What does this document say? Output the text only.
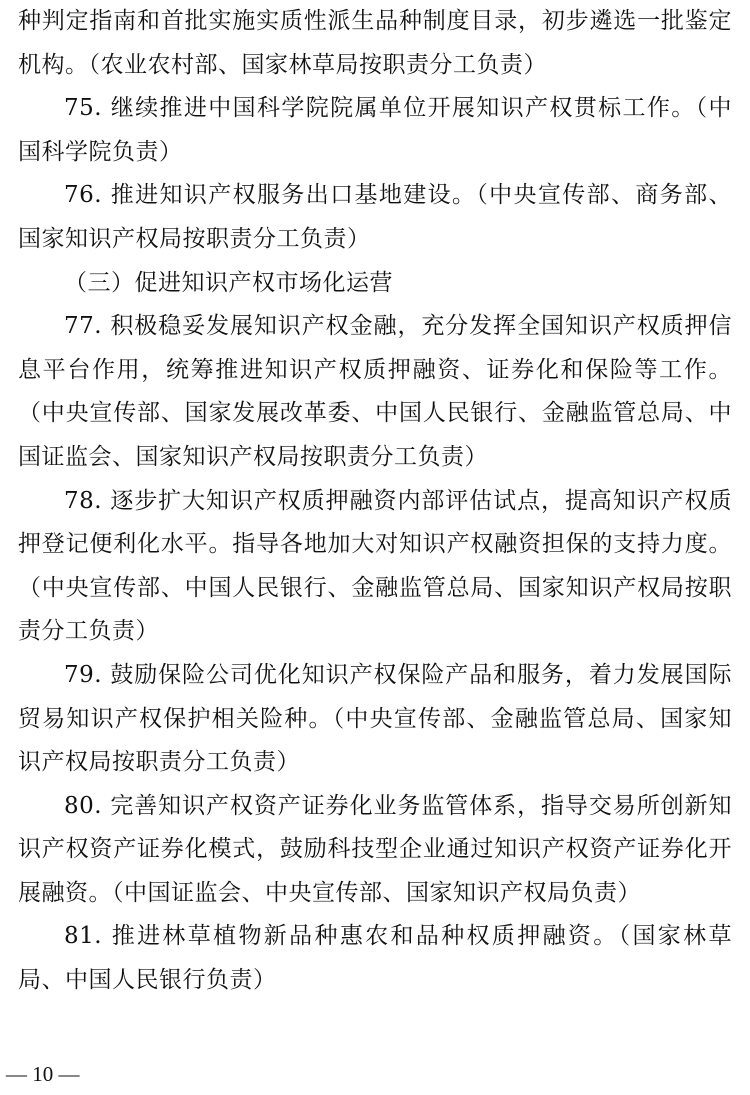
种判定指南和首批实施实质性派生品种制度目录，初步遴选一批鉴定机构。（农业农村部、国家林草局按职责分工负责）

75. 继续推进中国科学院院属单位开展知识产权贯标工作。（中国科学院负责）

76. 推进知识产权服务出口基地建设。（中央宣传部、商务部、国家知识产权局按职责分工负责）

（三）促进知识产权市场化运营

77. 积极稳妥发展知识产权金融，充分发挥全国知识产权质押信息平台作用，统筹推进知识产权质押融资、证券化和保险等工作。（中央宣传部、国家发展改革委、中国人民银行、金融监管总局、中国证监会、国家知识产权局按职责分工负责）

78. 逐步扩大知识产权质押融资内部评估试点，提高知识产权质押登记便利化水平。指导各地加大对知识产权融资担保的支持力度。（中央宣传部、中国人民银行、金融监管总局、国家知识产权局按职责分工负责）

79. 鼓励保险公司优化知识产权保险产品和服务，着力发展国际贸易知识产权保护相关险种。（中央宣传部、金融监管总局、国家知识产权局按职责分工负责）

80. 完善知识产权资产证券化业务监管体系，指导交易所创新知识产权资产证券化模式，鼓励科技型企业通过知识产权资产证券化开展融资。（中国证监会、中央宣传部、国家知识产权局负责）

81. 推进林草植物新品种惠农和品种权质押融资。（国家林草局、中国人民银行负责）

— 10 —
